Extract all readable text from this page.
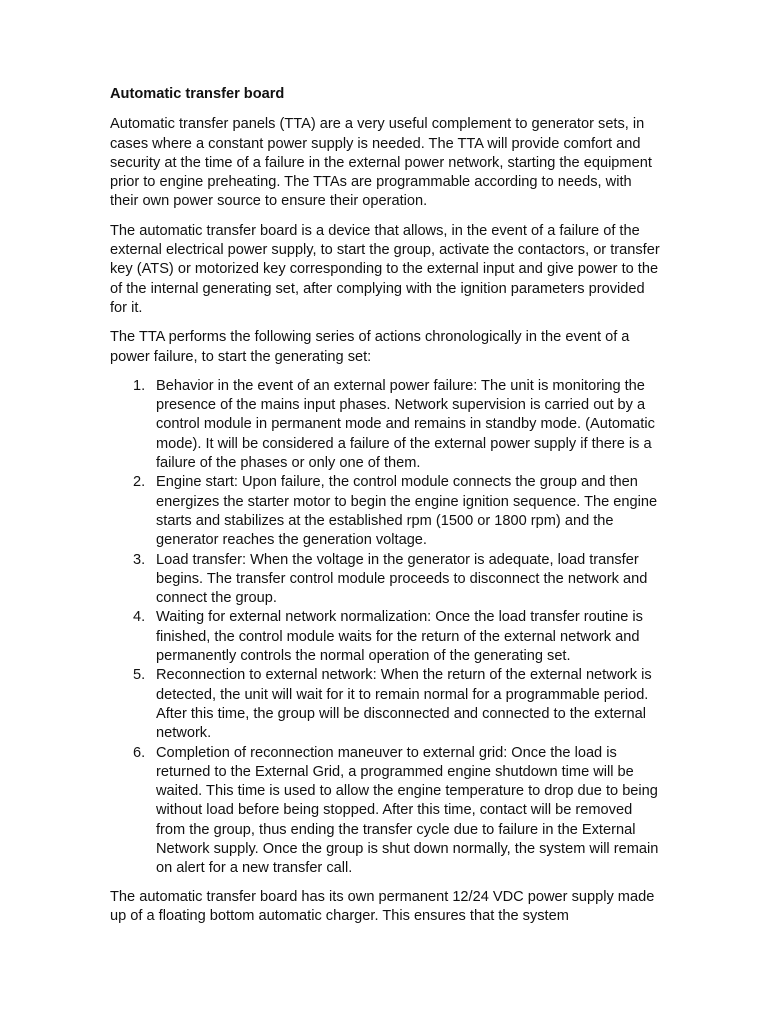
Automatic transfer board

Automatic transfer panels (TTA) are a very useful complement to generator sets, in cases where a constant power supply is needed. The TTA will provide comfort and security at the time of a failure in the external power network, starting the equipment prior to engine preheating. The TTAs are programmable according to needs, with their own power source to ensure their operation.

The automatic transfer board is a device that allows, in the event of a failure of the external electrical power supply, to start the group, activate the contactors, or transfer key (ATS) or motorized key corresponding to the external input and give power to the of the internal generating set, after complying with the ignition parameters provided for it.

The TTA performs the following series of actions chronologically in the event of a power failure, to start the generating set:

1. Behavior in the event of an external power failure: The unit is monitoring the presence of the mains input phases. Network supervision is carried out by a control module in permanent mode and remains in standby mode. (Automatic mode). It will be considered a failure of the external power supply if there is a failure of the phases or only one of them.
2. Engine start: Upon failure, the control module connects the group and then energizes the starter motor to begin the engine ignition sequence. The engine starts and stabilizes at the established rpm (1500 or 1800 rpm) and the generator reaches the generation voltage.
3. Load transfer: When the voltage in the generator is adequate, load transfer begins. The transfer control module proceeds to disconnect the network and connect the group.
4. Waiting for external network normalization: Once the load transfer routine is finished, the control module waits for the return of the external network and permanently controls the normal operation of the generating set.
5. Reconnection to external network: When the return of the external network is detected, the unit will wait for it to remain normal for a programmable period. After this time, the group will be disconnected and connected to the external network.
6. Completion of reconnection maneuver to external grid: Once the load is returned to the External Grid, a programmed engine shutdown time will be waited. This time is used to allow the engine temperature to drop due to being without load before being stopped. After this time, contact will be removed from the group, thus ending the transfer cycle due to failure in the External Network supply. Once the group is shut down normally, the system will remain on alert for a new transfer call.

The automatic transfer board has its own permanent 12/24 VDC power supply made up of a floating bottom automatic charger. This ensures that the system
